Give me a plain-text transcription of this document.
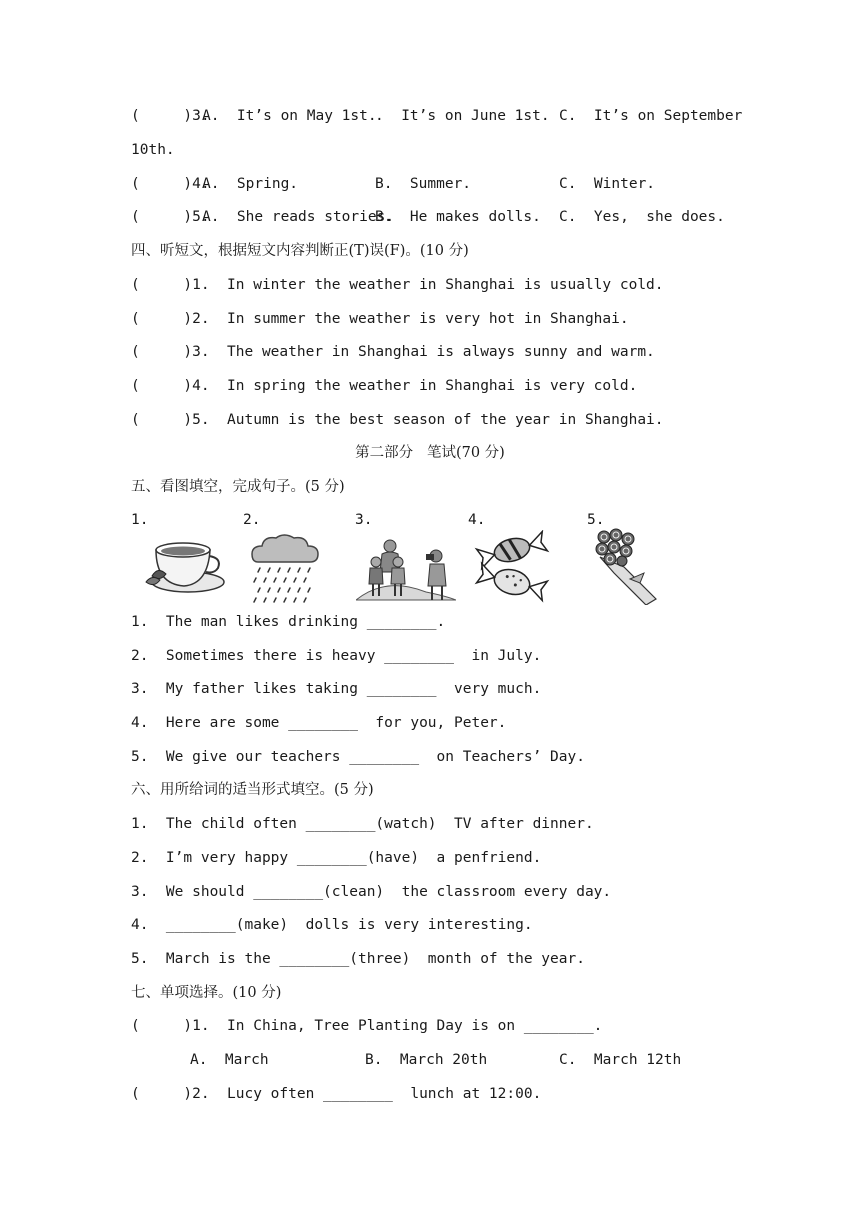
(     )3.
A.  It’s on May 1st.
.  It’s on June 1st. C.  It’s on September
10th.
(     )4.
A.  Spring.	B.  Summer.	C.  Winter.
(     )5.
A.  She reads stories.
B.  He makes dolls. C.  Yes,  she does.
四、听短文，根据短文内容判断正(T)误(F)。(10 分)
(     )1.  In winter the weather in Shanghai is usually cold.
(     )2.  In summer the weather is very hot in Shanghai.
(     )3.  The weather in Shanghai is always sunny and warm.
(     )4.  In spring the weather in Shanghai is very cold.
(     )5.  Autumn is the best season of the year in Shanghai.
第二部分   笔试(70 分)
五、看图填空，完成句子。(5 分)
1.	2.	3.	4.	5.
1.  The man likes drinking ________.
2.  Sometimes there is heavy ________  in July.
3.  My father likes taking ________  very much.
4.  Here are some ________  for you, Peter.
5.  We give our teachers ________  on Teachers’ Day.
六、用所给词的适当形式填空。(5 分)
1.  The child often ________(watch)  TV after dinner.
2.  I’m very happy ________(have)  a penfriend.
3.  We should ________(clean)  the classroom every day.
4.  ________(make)  dolls is very interesting.
5.  March is the ________(three)  month of the year.
七、单项选择。(10 分)
(     )1.  In China, Tree Planting Day is on ________.
A.  March	B.  March 20th	C.  March 12th
(     )2.  Lucy often ________  lunch at 12:00.
